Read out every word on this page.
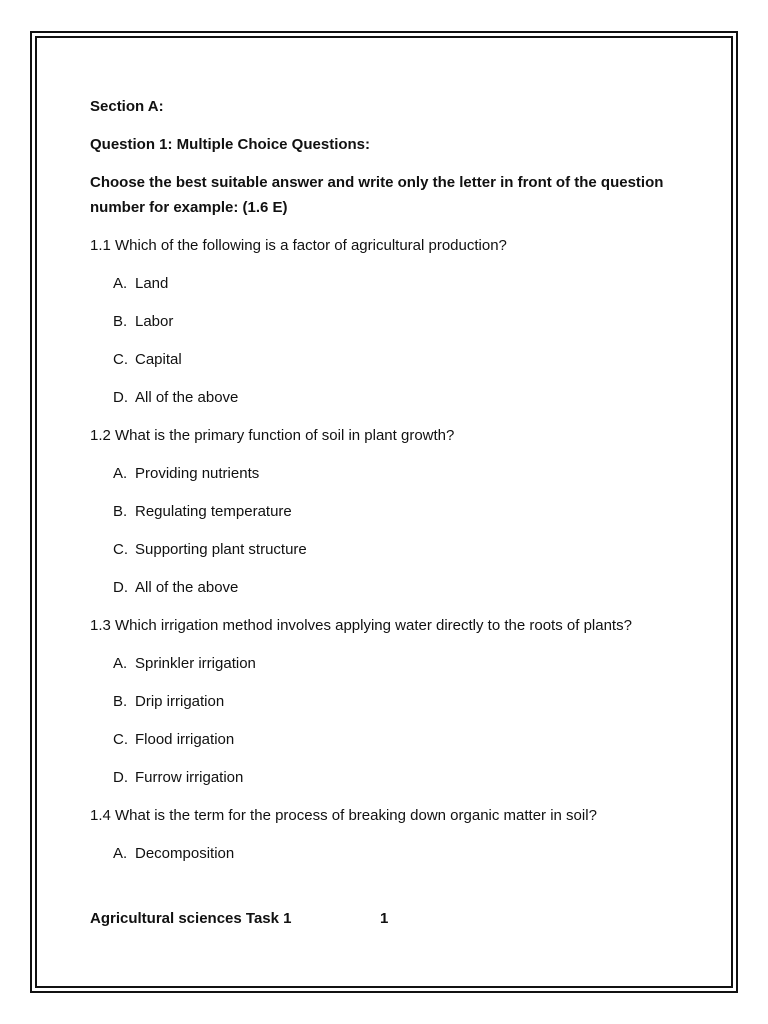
Section A:

Question 1: Multiple Choice Questions:

Choose the best suitable answer and write only the letter in front of the question number for example: (1.6 E)

1.1 Which of the following is a factor of agricultural production?

A. Land
B. Labor
C. Capital
D. All of the above

1.2 What is the primary function of soil in plant growth?

A. Providing nutrients
B. Regulating temperature
C. Supporting plant structure
D. All of the above

1.3 Which irrigation method involves applying water directly to the roots of plants?

A. Sprinkler irrigation
B. Drip irrigation
C. Flood irrigation
D. Furrow irrigation

1.4 What is the term for the process of breaking down organic matter in soil?

A. Decomposition
Agricultural sciences Task 1	1
